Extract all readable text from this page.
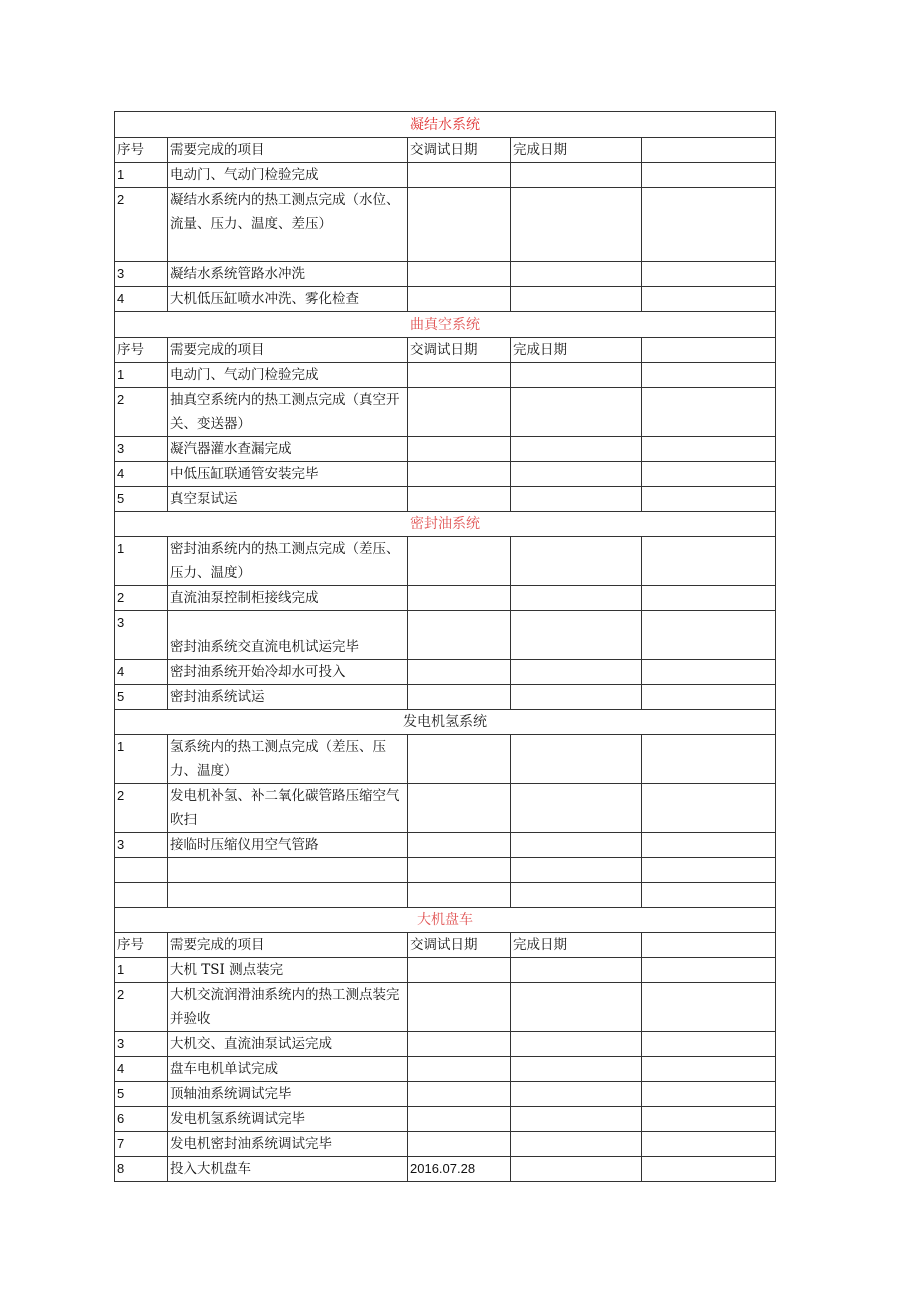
凝结水系统				
序号	需要完成的项目	交调试日期	完成日期	
1	电动门、气动门检验完成			
2	凝结水系统内的热工测点完成（水位、流量、压力、温度、差压）			
3	凝结水系统管路水冲洗			
4	大机低压缸喷水冲洗、雾化检查			
曲真空系统				
序号	需要完成的项目	交调试日期	完成日期	
1	电动门、气动门检验完成			
2	抽真空系统内的热工测点完成（真空开关、变送器）			
3	凝汽器灌水查漏完成			
4	中低压缸联通管安装完毕			
5	真空泵试运			
密封油系统				
1	密封油系统内的热工测点完成（差压、压力、温度）			
2	直流油泵控制柜接线完成			
3	密封油系统交直流电机试运完毕			
4	密封油系统开始冷却水可投入			
5	密封油系统试运			
发电机氢系统				
1	氢系统内的热工测点完成（差压、压力、温度）			
2	发电机补氢、补二氧化碳管路压缩空气吹扫			
3	接临时压缩仪用空气管路			

大机盘车				
序号	需要完成的项目	交调试日期	完成日期	
1	大机 TSI 测点装完			
2	大机交流润滑油系统内的热工测点装完并验收			
3	大机交、直流油泵试运完成			
4	盘车电机单试完成			
5	顶轴油系统调试完毕			
6	发电机氢系统调试完毕			
7	发电机密封油系统调试完毕			
8	投入大机盘车	2016.07.28		
